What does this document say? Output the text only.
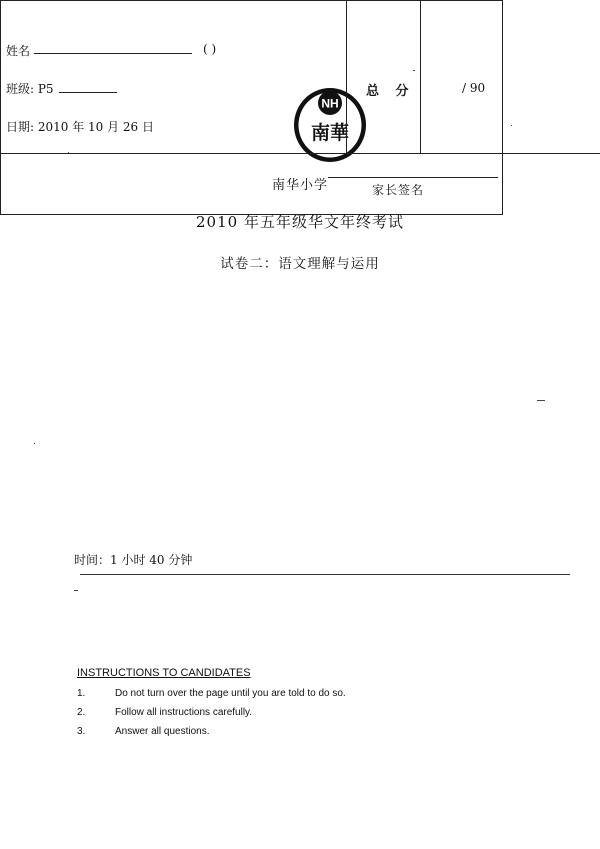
NH
南華
南华小学
2010 年五年级华文年终考试
试卷二：语文理解与运用
姓名	( )
班级: P5
日期: 2010 年 10 月 26 日
总 分	/ 90
家长签名
时间：1 小时 40 分钟
INSTRUCTIONS TO CANDIDATES
1.	Do not turn over the page until you are told to do so.
2.	Follow all instructions carefully.
3.	Answer all questions.
